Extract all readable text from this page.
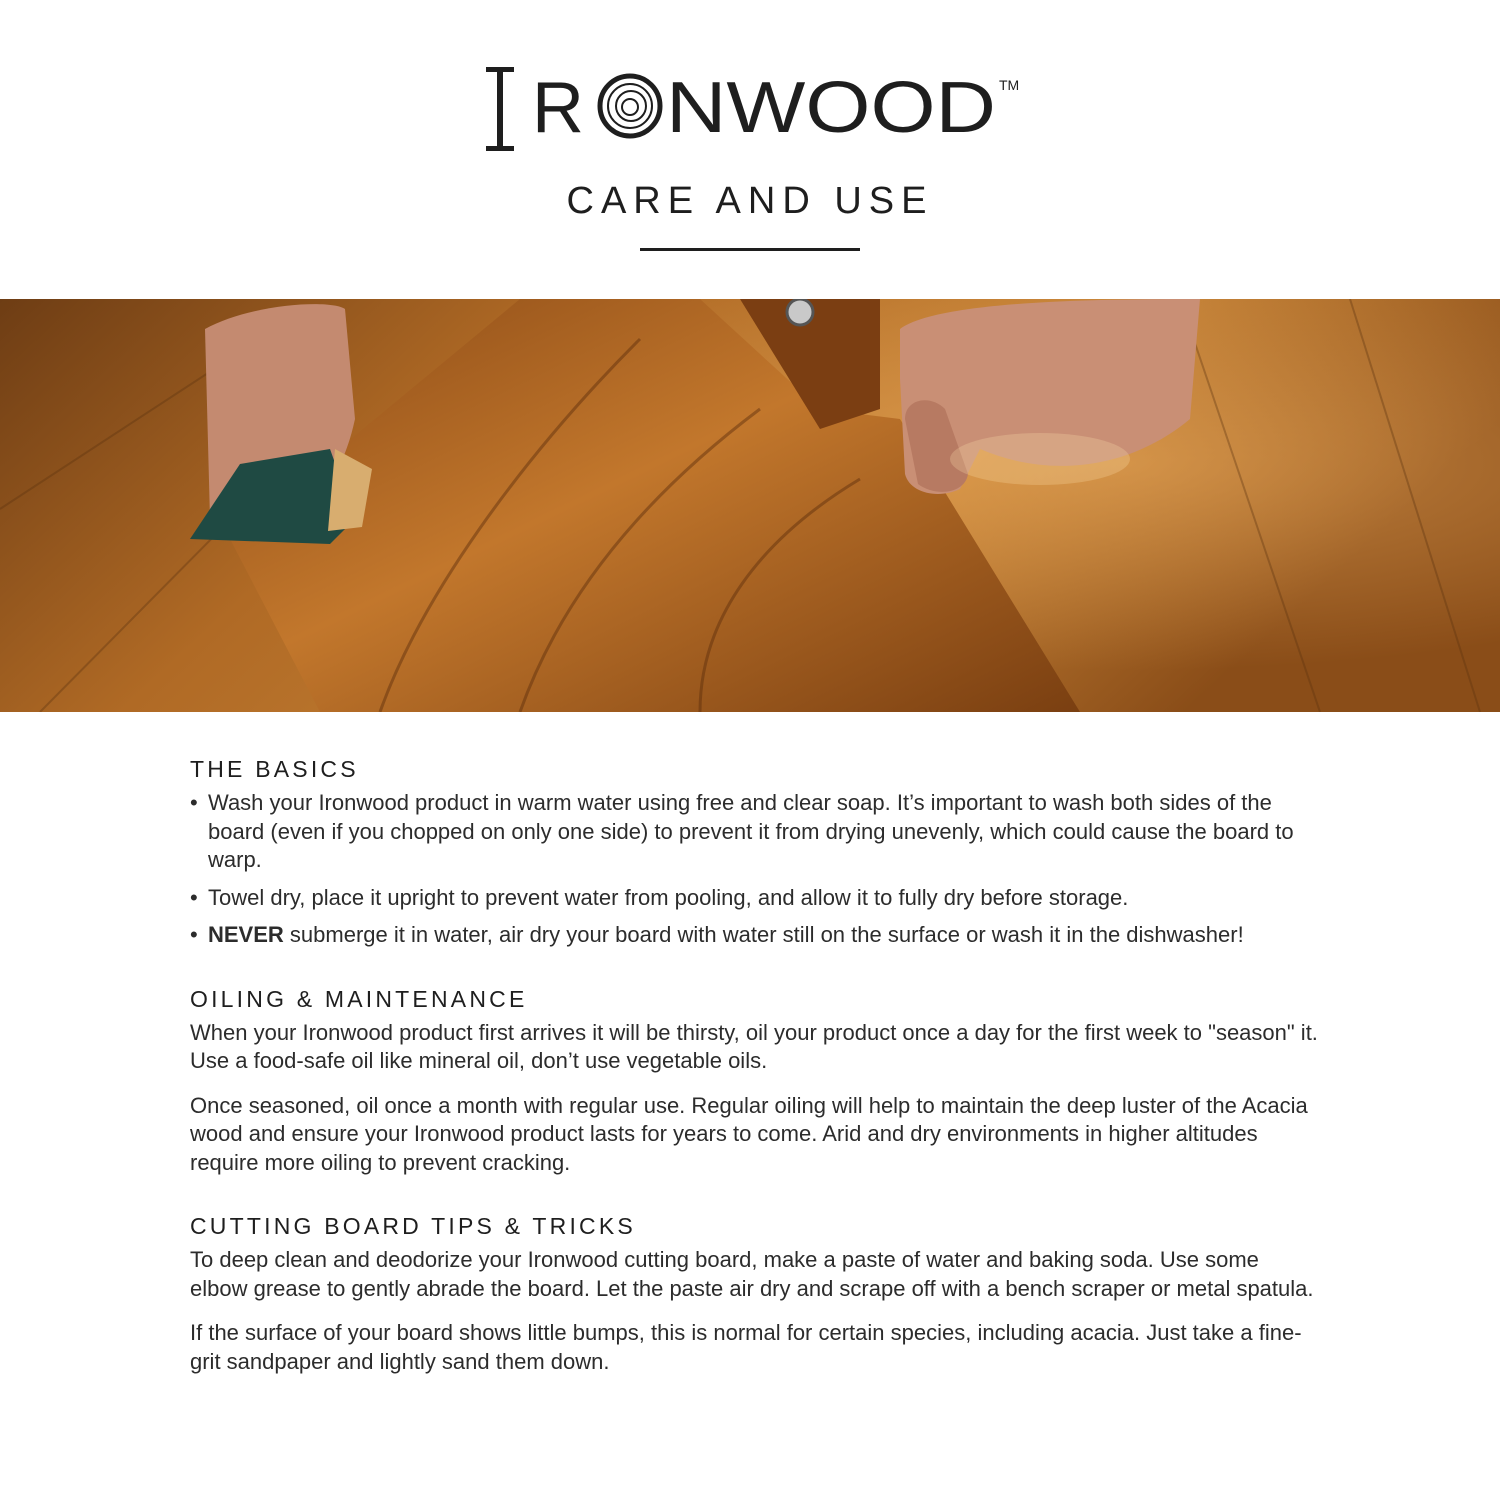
R NWOOD TM
CARE AND USE
THE BASICS
• Wash your Ironwood product in warm water using free and clear soap. It’s important to wash both sides of the board (even if you chopped on only one side) to prevent it from drying unevenly, which could cause the board to warp.
• Towel dry, place it upright to prevent water from pooling, and allow it to fully dry before storage.
• NEVER submerge it in water, air dry your board with water still on the surface or wash it in the dishwasher!
OILING & MAINTENANCE

When your Ironwood product first arrives it will be thirsty, oil your product once a day for the first week to "season" it. Use a food-safe oil like mineral oil, don’t use vegetable oils.

Once seasoned, oil once a month with regular use. Regular oiling will help to maintain the deep luster of the Acacia wood and ensure your Ironwood product lasts for years to come. Arid and dry environments in higher altitudes require more oiling to prevent cracking.

CUTTING BOARD TIPS & TRICKS

To deep clean and deodorize your Ironwood cutting board, make a paste of water and baking soda. Use some elbow grease to gently abrade the board. Let the paste air dry and scrape off with a bench scraper or metal spatula.

If the surface of your board shows little bumps, this is normal for certain species, including acacia. Just take a fine-grit sandpaper and lightly sand them down.
